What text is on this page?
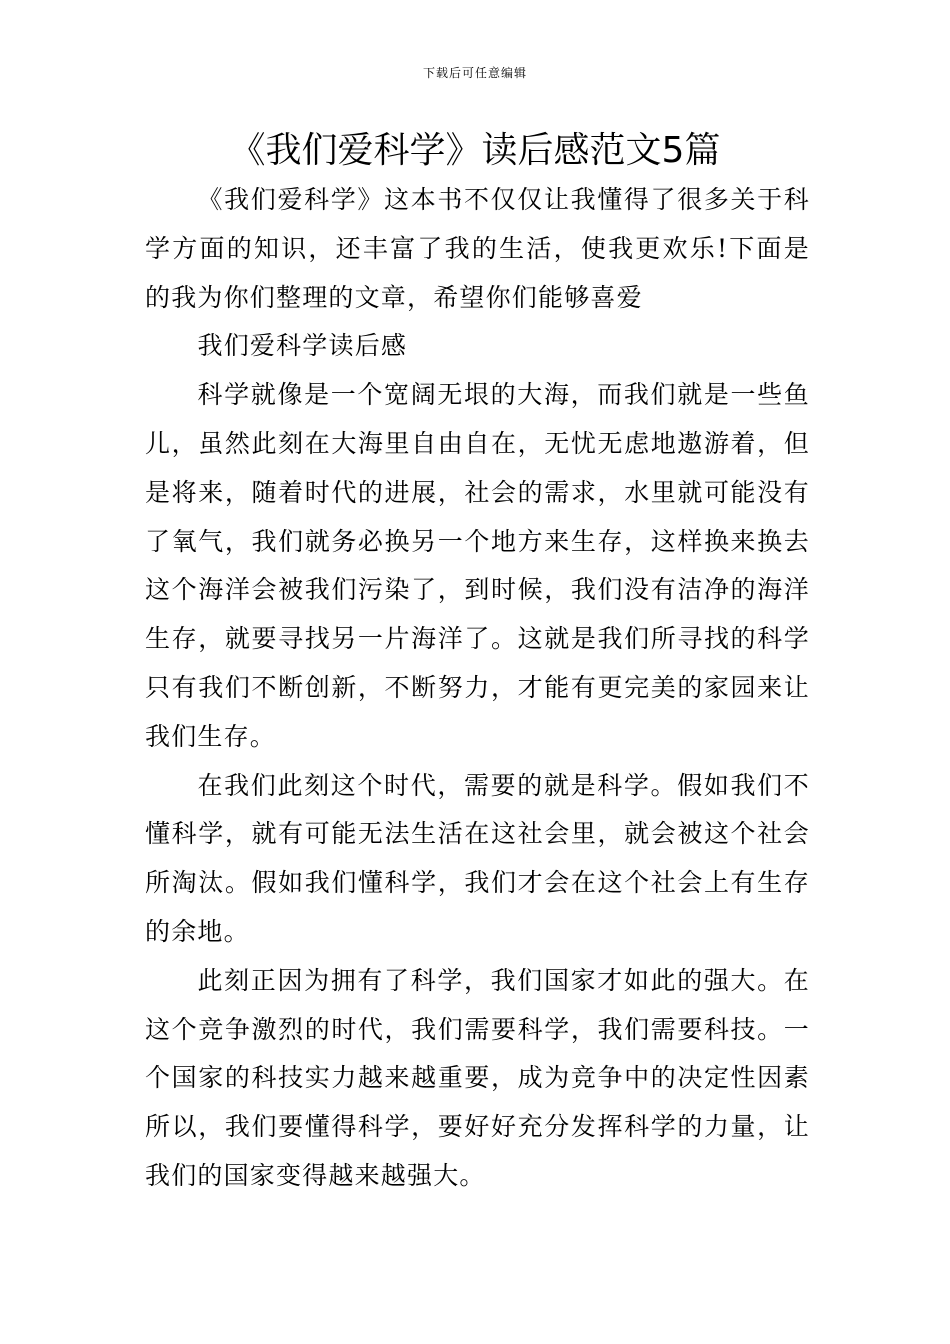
下载后可任意编辑
《我们爱科学》读后感范文5篇

《我们爱科学》这本书不仅仅让我懂得了很多关于科学方面的知识，还丰富了我的生活，使我更欢乐!下面是的我为你们整理的文章，希望你们能够喜爱

我们爱科学读后感

科学就像是一个宽阔无垠的大海，而我们就是一些鱼儿，虽然此刻在大海里自由自在，无忧无虑地遨游着，但是将来，随着时代的进展，社会的需求，水里就可能没有了氧气，我们就务必换另一个地方来生存，这样换来换去这个海洋会被我们污染了，到时候，我们没有洁净的海洋生存，就要寻找另一片海洋了。这就是我们所寻找的科学只有我们不断创新，不断努力，才能有更完美的家园来让我们生存。

在我们此刻这个时代，需要的就是科学。假如我们不懂科学，就有可能无法生活在这社会里，就会被这个社会所淘汰。假如我们懂科学，我们才会在这个社会上有生存的余地。

此刻正因为拥有了科学，我们国家才如此的强大。在这个竞争激烈的时代，我们需要科学，我们需要科技。一个国家的科技实力越来越重要，成为竞争中的决定性因素所以，我们要懂得科学，要好好充分发挥科学的力量，让我们的国家变得越来越强大。
